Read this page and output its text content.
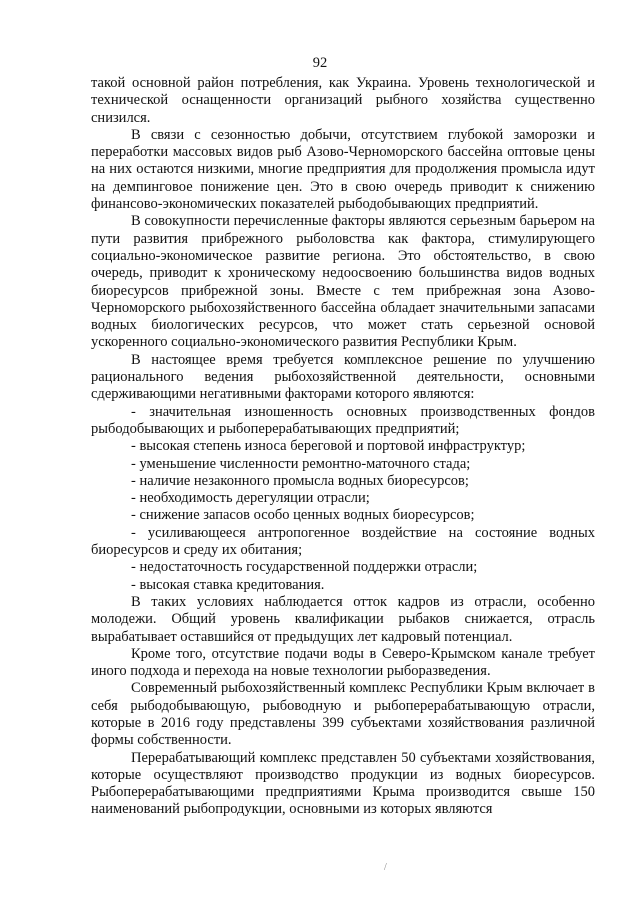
92

такой основной район потребления, как Украина. Уровень технологической и технической оснащенности организаций рыбного хозяйства существенно снизился.

В связи с сезонностью добычи, отсутствием глубокой заморозки и переработки массовых видов рыб Азово-Черноморского бассейна оптовые цены на них остаются низкими, многие предприятия для продолжения промысла идут на демпинговое понижение цен. Это в свою очередь приводит к снижению финансово-экономических показателей рыбодобывающих предприятий.

В совокупности перечисленные факторы являются серьезным барьером на пути развития прибрежного рыболовства как фактора, стимулирующего социально-экономическое развитие региона. Это обстоятельство, в свою очередь, приводит к хроническому недоосвоению большинства видов водных биоресурсов прибрежной зоны. Вместе с тем прибрежная зона Азово-Черноморского рыбохозяйственного бассейна обладает значительными запасами водных биологических ресурсов, что может стать серьезной основой ускоренного социально-экономического развития Республики Крым.

В настоящее время требуется комплексное решение по улучшению рационального ведения рыбохозяйственной деятельности, основными сдерживающими негативными факторами которого являются:

- значительная изношенность основных производственных фондов рыбодобывающих и рыбоперерабатывающих предприятий;

- высокая степень износа береговой и портовой инфраструктур;

- уменьшение численности ремонтно-маточного стада;

- наличие незаконного промысла водных биоресурсов;

- необходимость дерегуляции отрасли;

- снижение запасов особо ценных водных биоресурсов;

- усиливающееся антропогенное воздействие на состояние водных биоресурсов и среду их обитания;

- недостаточность государственной поддержки отрасли;

- высокая ставка кредитования.

В таких условиях наблюдается отток кадров из отрасли, особенно молодежи. Общий уровень квалификации рыбаков снижается, отрасль вырабатывает оставшийся от предыдущих лет кадровый потенциал.

Кроме того, отсутствие подачи воды в Северо-Крымском канале требует иного подхода и перехода на новые технологии рыборазведения.

Современный рыбохозяйственный комплекс Республики Крым включает в себя рыбодобывающую, рыбоводную и рыбоперерабатывающую отрасли, которые в 2016 году представлены 399 субъектами хозяйствования различной формы собственности.

Перерабатывающий комплекс представлен 50 субъектами хозяйствования, которые осуществляют производство продукции из водных биоресурсов. Рыбоперерабатывающими предприятиями Крыма производится свыше 150 наименований рыбопродукции, основными из которых являются

/
